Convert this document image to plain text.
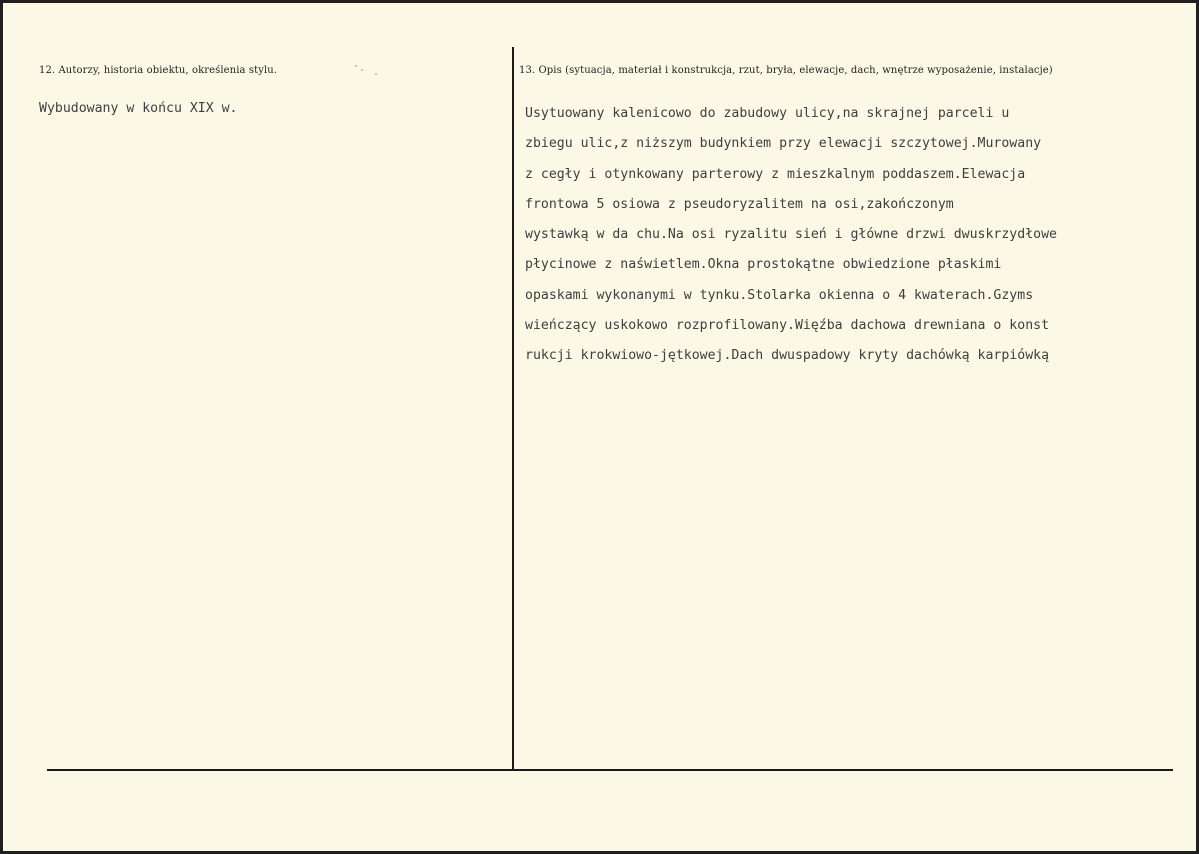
12. Autorzy, historia obiektu, określenia stylu.	13. Opis (sytuacja, materiał i konstrukcja, rzut, bryła, elewacje, dach, wnętrze wyposażenie, instalacje)
Wybudowany w końcu XIX w.	Usytuowany kalenicowo do zabudowy ulicy,na skrajnej parceli u
zbiegu ulic,z niższym budynkiem przy elewacji szczytowej.Murowany
z cegły i otynkowany parterowy z mieszkalnym poddaszem.Elewacja
frontowa 5 osiowa z pseudoryzalitem na osi,zakończonym
wystawką w da chu.Na osi ryzalitu sień i główne drzwi dwuskrzydłowe
płycinowe z naświetlem.Okna prostokątne obwiedzione płaskimi
opaskami wykonanymi w tynku.Stolarka okienna o 4 kwaterach.Gzyms
wieńczący uskokowo rozprofilowany.Więźba dachowa drewniana o konst
rukcji krokwiowo-jętkowej.Dach dwuspadowy kryty dachówką karpiówką
